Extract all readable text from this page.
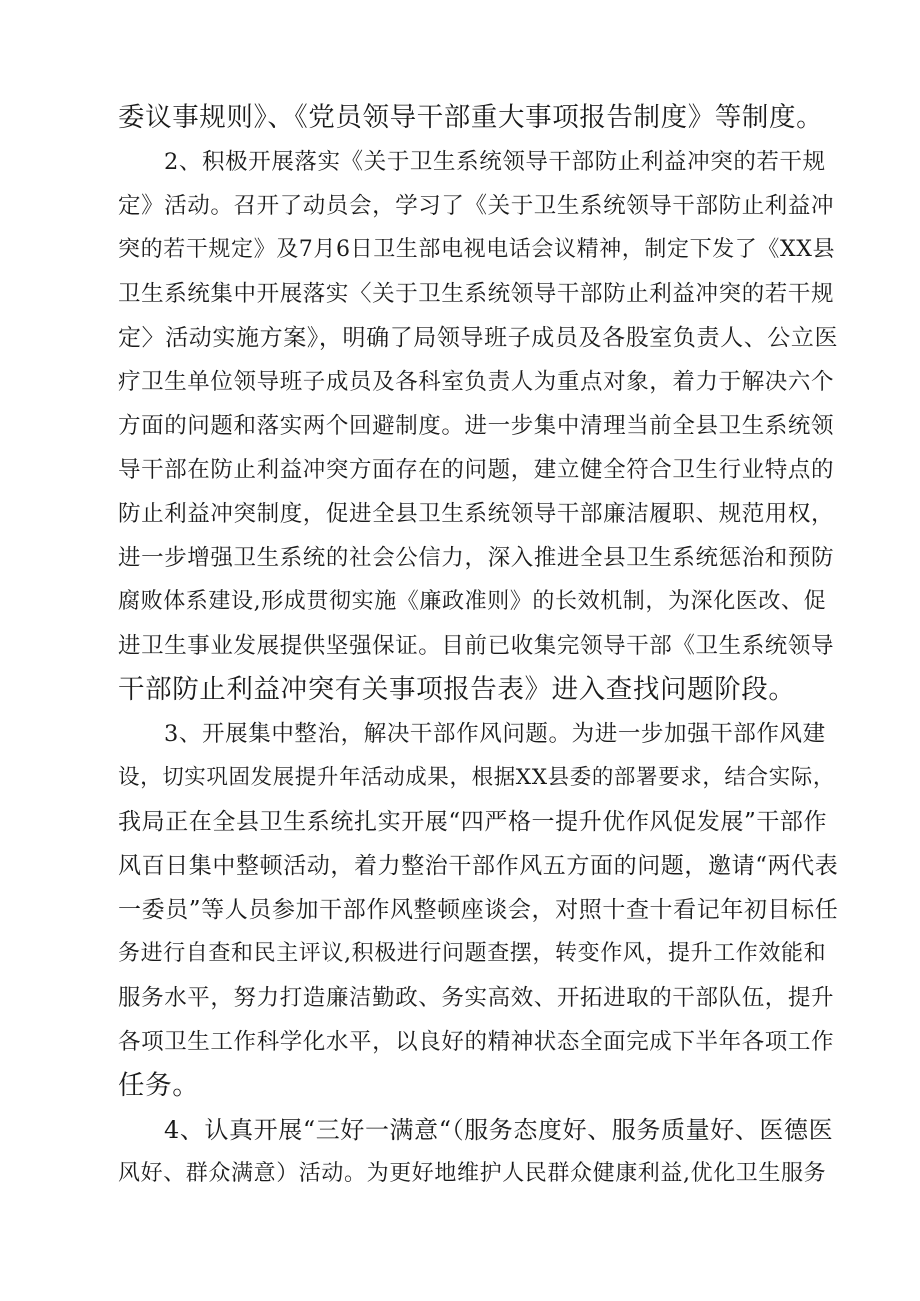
委议事规则》、《党员领导干部重大事项报告制度》等制度。
2、积极开展落实《关于卫生系统领导干部防止利益冲突的若干规
定》活动。召开了动员会，学习了《关于卫生系统领导干部防止利益冲
突的若干规定》及7月6日卫生部电视电话会议精神，制定下发了《XX县
卫生系统集中开展落实〈关于卫生系统领导干部防止利益冲突的若干规
定〉活动实施方案》，明确了局领导班子成员及各股室负责人、公立医
疗卫生单位领导班子成员及各科室负责人为重点对象，着力于解决六个
方面的问题和落实两个回避制度。进一步集中清理当前全县卫生系统领
导干部在防止利益冲突方面存在的问题，建立健全符合卫生行业特点的
防止利益冲突制度，促进全县卫生系统领导干部廉洁履职、规范用权，
进一步增强卫生系统的社会公信力，深入推进全县卫生系统惩治和预防
腐败体系建设,形成贯彻实施《廉政准则》的长效机制，为深化医改、促
进卫生事业发展提供坚强保证。目前已收集完领导干部《卫生系统领导
干部防止利益冲突有关事项报告表》进入查找问题阶段。
3、开展集中整治，解决干部作风问题。为进一步加强干部作风建
设，切实巩固发展提升年活动成果，根据XX县委的部署要求，结合实际，
我局正在全县卫生系统扎实开展“四严格一提升优作风促发展”干部作
风百日集中整顿活动，着力整治干部作风五方面的问题，邀请“两代表
一委员”等人员参加干部作风整顿座谈会，对照十查十看记年初目标任
务进行自查和民主评议,积极进行问题查摆，转变作风，提升工作效能和
服务水平，努力打造廉洁勤政、务实高效、开拓进取的干部队伍，提升
各项卫生工作科学化水平，以良好的精神状态全面完成下半年各项工作
任务。
4、认真开展“三好一满意“（服务态度好、服务质量好、医德医
风好、群众满意）活动。为更好地维护人民群众健康利益,优化卫生服务
